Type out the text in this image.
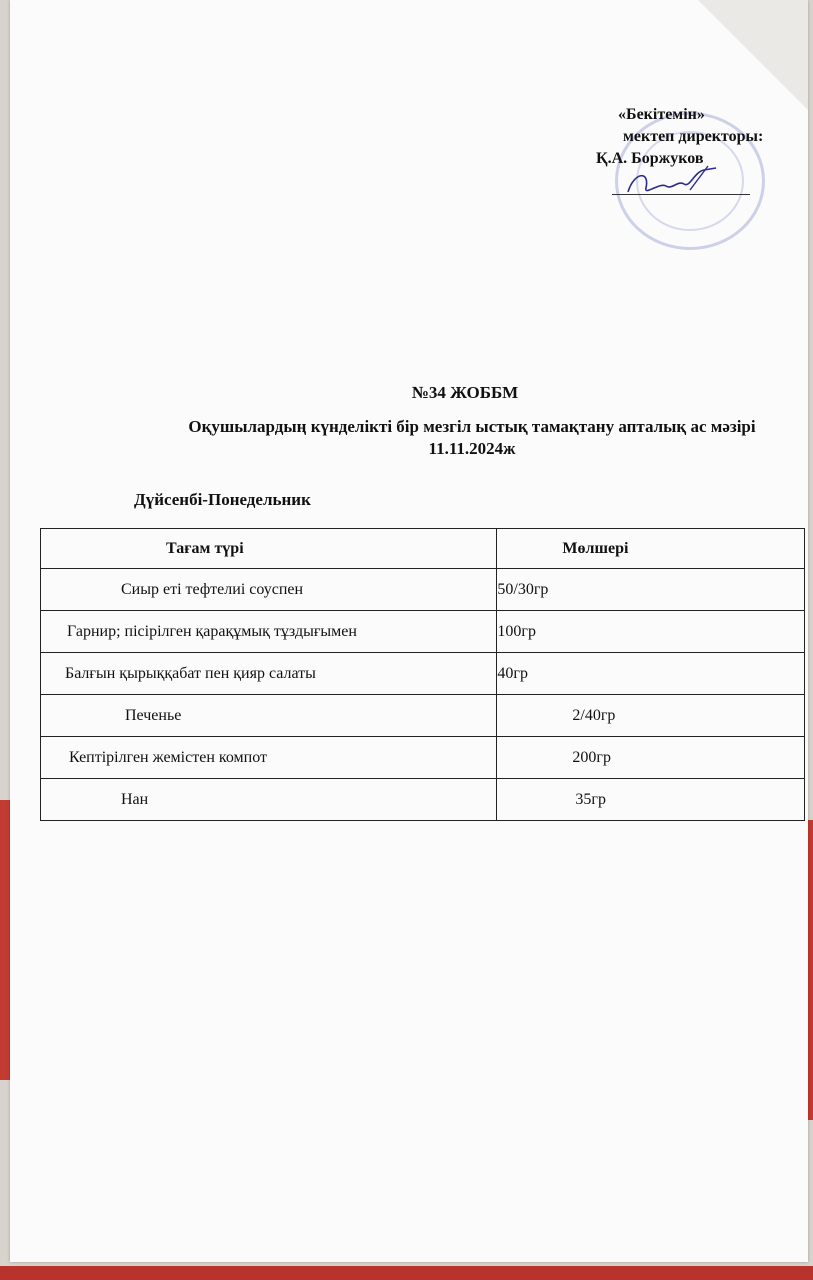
«Бекітемін»
мектеп директоры:
Қ.А. Боржуков
№34 ЖОББМ
Оқушылардың күнделікті бір мезгіл ыстық тамақтану апталық ас мәзірі
11.11.2024ж
Дүйсенбі-Понедельник
Тағам түрі	Мөлшері
Сиыр еті тефтелиі соуспен	50/30гр
Гарнир; пісірілген қарақұмық тұздығымен	100гр
Балғын қырыққабат пен қияр салаты	40гр
Печенье	2/40гр
Кептірілген жемістен компот	200гр
Нан	35гр
